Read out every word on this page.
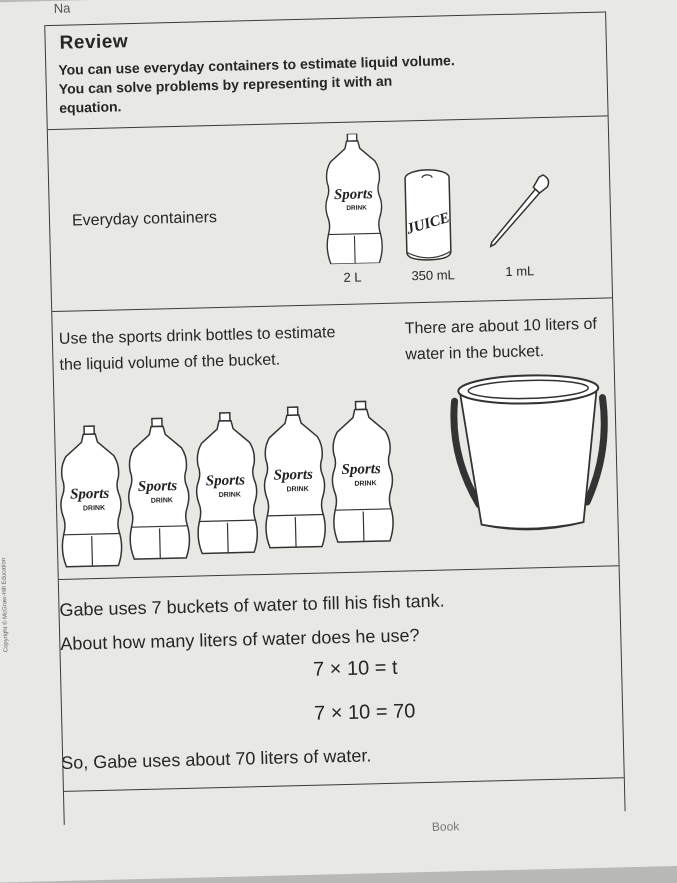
Na
Review
You can use everyday containers to estimate liquid volume.
You can solve problems by representing it with an
equation.
Everyday containers
Sports
DRINK
2 L
JUICE
350 mL	1 mL
Use the sports drink bottles to estimate the liquid volume of the bucket.
There are about 10 liters of water in the bucket.
Sports
DRINK
Sports
DRINK
Sports
DRINK
Sports
DRINK
Sports
DRINK
Gabe uses 7 buckets of water to fill his fish tank.
About how many liters of water does he use?
7 × 10 = t
7 × 10 = 70
So, Gabe uses about 70 liters of water.
Copyright © McGraw-Hill Education
Book
